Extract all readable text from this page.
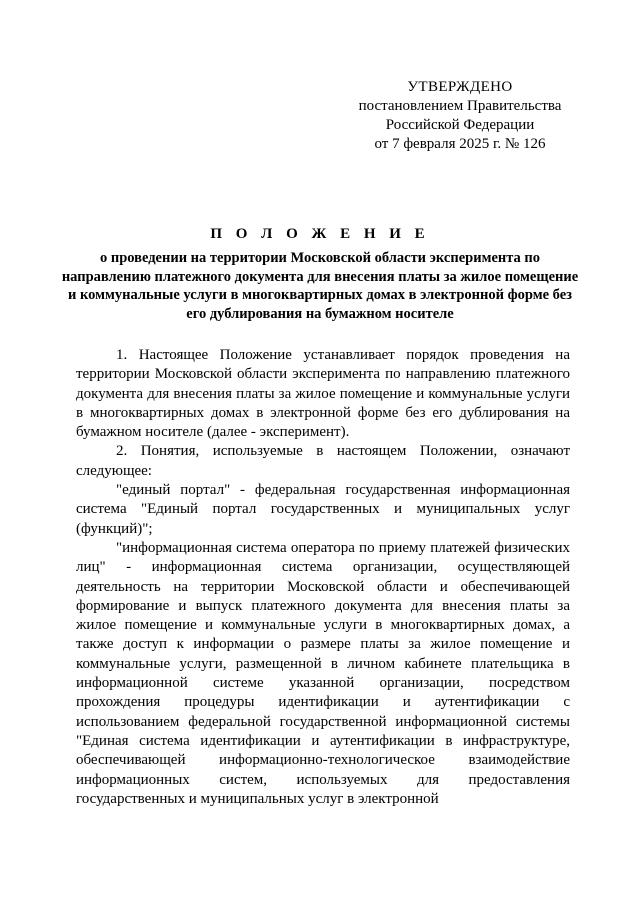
УТВЕРЖДЕНО
постановлением Правительства
Российской Федерации
от 7 февраля 2025 г. № 126
П О Л О Ж Е Н И Е
о проведении на территории Московской области эксперимента по направлению платежного документа для внесения платы за жилое помещение и коммунальные услуги в многоквартирных домах в электронной форме без его дублирования на бумажном носителе

1. Настоящее Положение устанавливает порядок проведения на территории Московской области эксперимента по направлению платежного документа для внесения платы за жилое помещение и коммунальные услуги в многоквартирных домах в электронной форме без его дублирования на бумажном носителе (далее - эксперимент).

2. Понятия, используемые в настоящем Положении, означают следующее:

"единый портал" - федеральная государственная информационная система "Единый портал государственных и муниципальных услуг (функций)";

"информационная система оператора по приему платежей физических лиц" - информационная система организации, осуществляющей деятельность на территории Московской области и обеспечивающей формирование и выпуск платежного документа для внесения платы за жилое помещение и коммунальные услуги в многоквартирных домах, а также доступ к информации о размере платы за жилое помещение и коммунальные услуги, размещенной в личном кабинете плательщика в информационной системе указанной организации, посредством прохождения процедуры идентификации и аутентификации с использованием федеральной государственной информационной системы "Единая система идентификации и аутентификации в инфраструктуре, обеспечивающей информационно-технологическое взаимодействие информационных систем, используемых для предоставления государственных и муниципальных услуг в электронной
